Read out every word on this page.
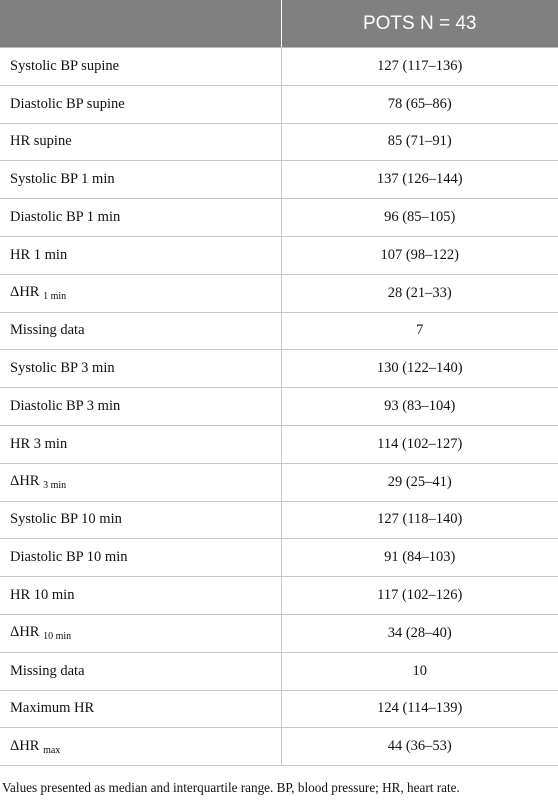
	POTS N = 43
Systolic BP supine	127 (117–136)
Diastolic BP supine	78 (65–86)
HR supine	85 (71–91)
Systolic BP 1 min	137 (126–144)
Diastolic BP 1 min	96 (85–105)
HR 1 min	107 (98–122)
ΔHR $_{1 min}$	28 (21–33)
Missing data	7
Systolic BP 3 min	130 (122–140)
Diastolic BP 3 min	93 (83–104)
HR 3 min	114 (102–127)
ΔHR $_{3 min}$	29 (25–41)
Systolic BP 10 min	127 (118–140)
Diastolic BP 10 min	91 (84–103)
HR 10 min	117 (102–126)
ΔHR $_{10 min}$	34 (28–40)
Missing data	10
Maximum HR	124 (114–139)
ΔHR $_{max}$	44 (36–53)
Values presented as median and interquartile range. BP, blood pressure; HR, heart rate.
